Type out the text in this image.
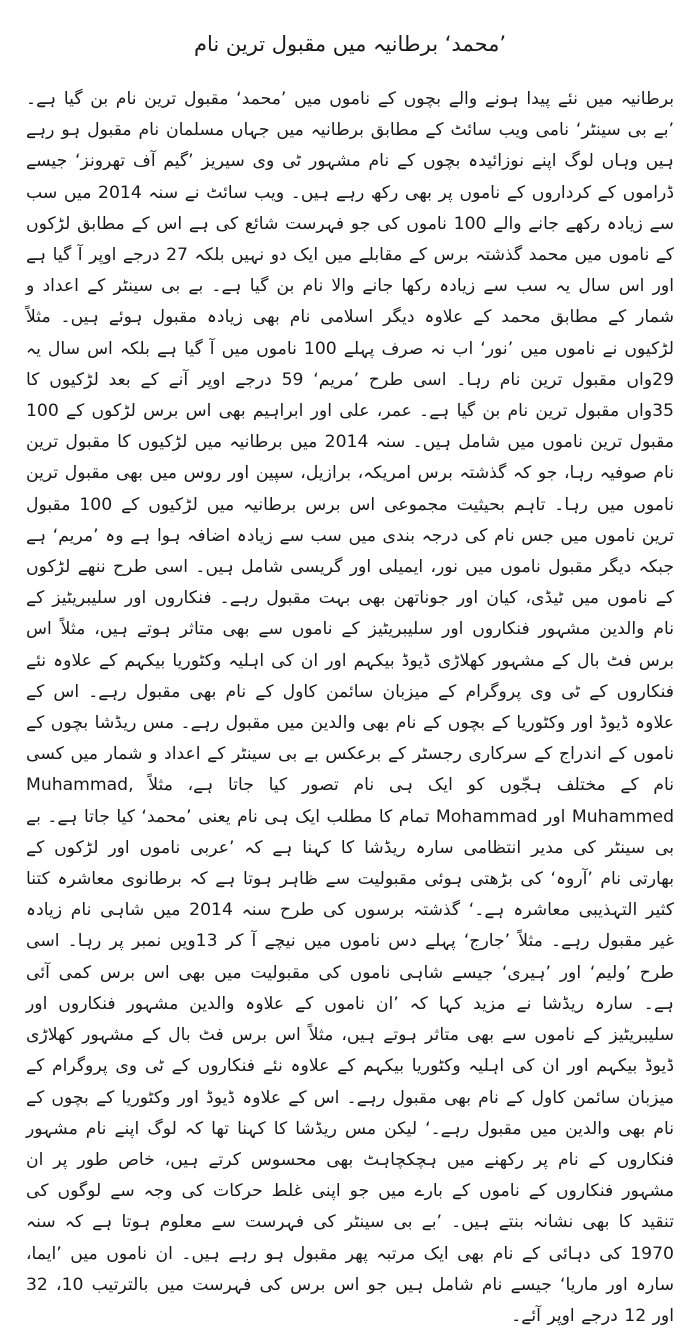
’محمد‘ برطانیہ میں مقبول ترین نام

برطانیہ میں نئے پیدا ہونے والے بچوں کے ناموں میں ’محمد‘ مقبول ترین نام بن گیا ہے۔ ’بے بی سینٹر‘ نامی ویب سائٹ کے مطابق برطانیہ میں جہاں مسلمان نام مقبول ہو رہے ہیں وہاں لوگ اپنے نوزائیدہ بچوں کے نام مشہور ٹی وی سیریز ’گیم آف تھرونز‘ جیسے ڈراموں کے کرداروں کے ناموں پر بھی رکھ رہے ہیں۔ ویب سائٹ نے سنہ 2014 میں سب سے زیادہ رکھے جانے والے 100 ناموں کی جو فہرست شائع کی ہے اس کے مطابق لڑکوں کے ناموں میں محمد گذشتہ برس کے مقابلے میں ایک دو نہیں بلکہ 27 درجے اوپر آ گیا ہے اور اس سال یہ سب سے زیادہ رکھا جانے والا نام بن گیا ہے۔ بے بی سینٹر کے اعداد و شمار کے مطابق محمد کے علاوہ دیگر اسلامی نام بھی زیادہ مقبول ہوئے ہیں۔ مثلاً لڑکیوں نے ناموں میں ’نور‘ اب نہ صرف پہلے 100 ناموں میں آ گیا ہے بلکہ اس سال یہ 29واں مقبول ترین نام رہا۔ اسی طرح ’مریم‘ 59 درجے اوپر آنے کے بعد لڑکیوں کا 35واں مقبول ترین نام بن گیا ہے۔ عمر، علی اور ابراہیم بھی اس برس لڑکوں کے 100 مقبول ترین ناموں میں شامل ہیں۔ سنہ 2014 میں برطانیہ میں لڑکیوں کا مقبول ترین نام صوفیہ رہا، جو کہ گذشتہ برس امریکہ، برازیل، سپین اور روس میں بھی مقبول ترین ناموں میں رہا۔ تاہم بحیثیت مجموعی اس برس برطانیہ میں لڑکیوں کے 100 مقبول ترین ناموں میں جس نام کی درجہ بندی میں سب سے زیادہ اضافہ ہوا ہے وہ ’مریم‘ ہے جبکہ دیگر مقبول ناموں میں نور، ایمیلی اور گریسی شامل ہیں۔ اسی طرح ننھے لڑکوں کے ناموں میں ٹیڈی، کیان اور جوناتھن بھی بہت مقبول رہے۔ فنکاروں اور سلیبریٹیز کے نام والدین مشہور فنکاروں اور سلیبریٹیز کے ناموں سے بھی متاثر ہوتے ہیں، مثلاً اس برس فٹ بال کے مشہور کھلاڑی ڈیوڈ بیکہم اور ان کی اہلیہ وکٹوریا بیکہم کے علاوہ نئے فنکاروں کے ٹی وی پروگرام کے میزبان سائمن کاول کے نام بھی مقبول رہے۔ اس کے علاوہ ڈیوڈ اور وکٹوریا کے بچوں کے نام بھی والدین میں مقبول رہے۔ مس ریڈشا بچوں کے ناموں کے اندراج کے سرکاری رجسٹر کے برعکس بے بی سینٹر کے اعداد و شمار میں کسی نام کے مختلف ہجّوں کو ایک ہی نام تصور کیا جاتا ہے، مثلاً Muhammad, Muhammed اور Mohammad تمام کا مطلب ایک ہی نام یعنی ’محمد‘ کیا جاتا ہے۔ بے بی سینٹر کی مدیر انتظامی سارہ ریڈشا کا کہنا ہے کہ ’عربی ناموں اور لڑکوں کے بھارتی نام ’آروہ‘ کی بڑھتی ہوئی مقبولیت سے ظاہر ہوتا ہے کہ برطانوی معاشرہ کتنا کثیر التہذیبی معاشرہ ہے۔‘ گذشتہ برسوں کی طرح سنہ 2014 میں شاہی نام زیادہ غیر مقبول رہے۔ مثلاً ’جارج‘ پہلے دس ناموں میں نیچے آ کر 13ویں نمبر پر رہا۔ اسی طرح ’ولیم‘ اور ’ہیری‘ جیسے شاہی ناموں کی مقبولیت میں بھی اس برس کمی آئی ہے۔ سارہ ریڈشا نے مزید کہا کہ ’ان ناموں کے علاوہ والدین مشہور فنکاروں اور سلیبریٹیز کے ناموں سے بھی متاثر ہوتے ہیں، مثلاً اس برس فٹ بال کے مشہور کھلاڑی ڈیوڈ بیکہم اور ان کی اہلیہ وکٹوریا بیکہم کے علاوہ نئے فنکاروں کے ٹی وی پروگرام کے میزبان سائمن کاول کے نام بھی مقبول رہے۔ اس کے علاوہ ڈیوڈ اور وکٹوریا کے بچوں کے نام بھی والدین میں مقبول رہے۔‘ لیکن مس ریڈشا کا کہنا تھا کہ لوگ اپنے نام مشہور فنکاروں کے نام پر رکھنے میں ہچکچاہٹ بھی محسوس کرتے ہیں، خاص طور پر ان مشہور فنکاروں کے ناموں کے بارے میں جو اپنی غلط حرکات کی وجہ سے لوگوں کی تنقید کا بھی نشانہ بنتے ہیں۔ ’بے بی سینٹر کی فہرست سے معلوم ہوتا ہے کہ سنہ 1970 کی دہائی کے نام بھی ایک مرتبہ پھر مقبول ہو رہے ہیں۔ ان ناموں میں ’ایما، سارہ اور ماریا‘ جیسے نام شامل ہیں جو اس برس کی فہرست میں بالترتیب 10، 32 اور 12 درجے اوپر آئے۔
